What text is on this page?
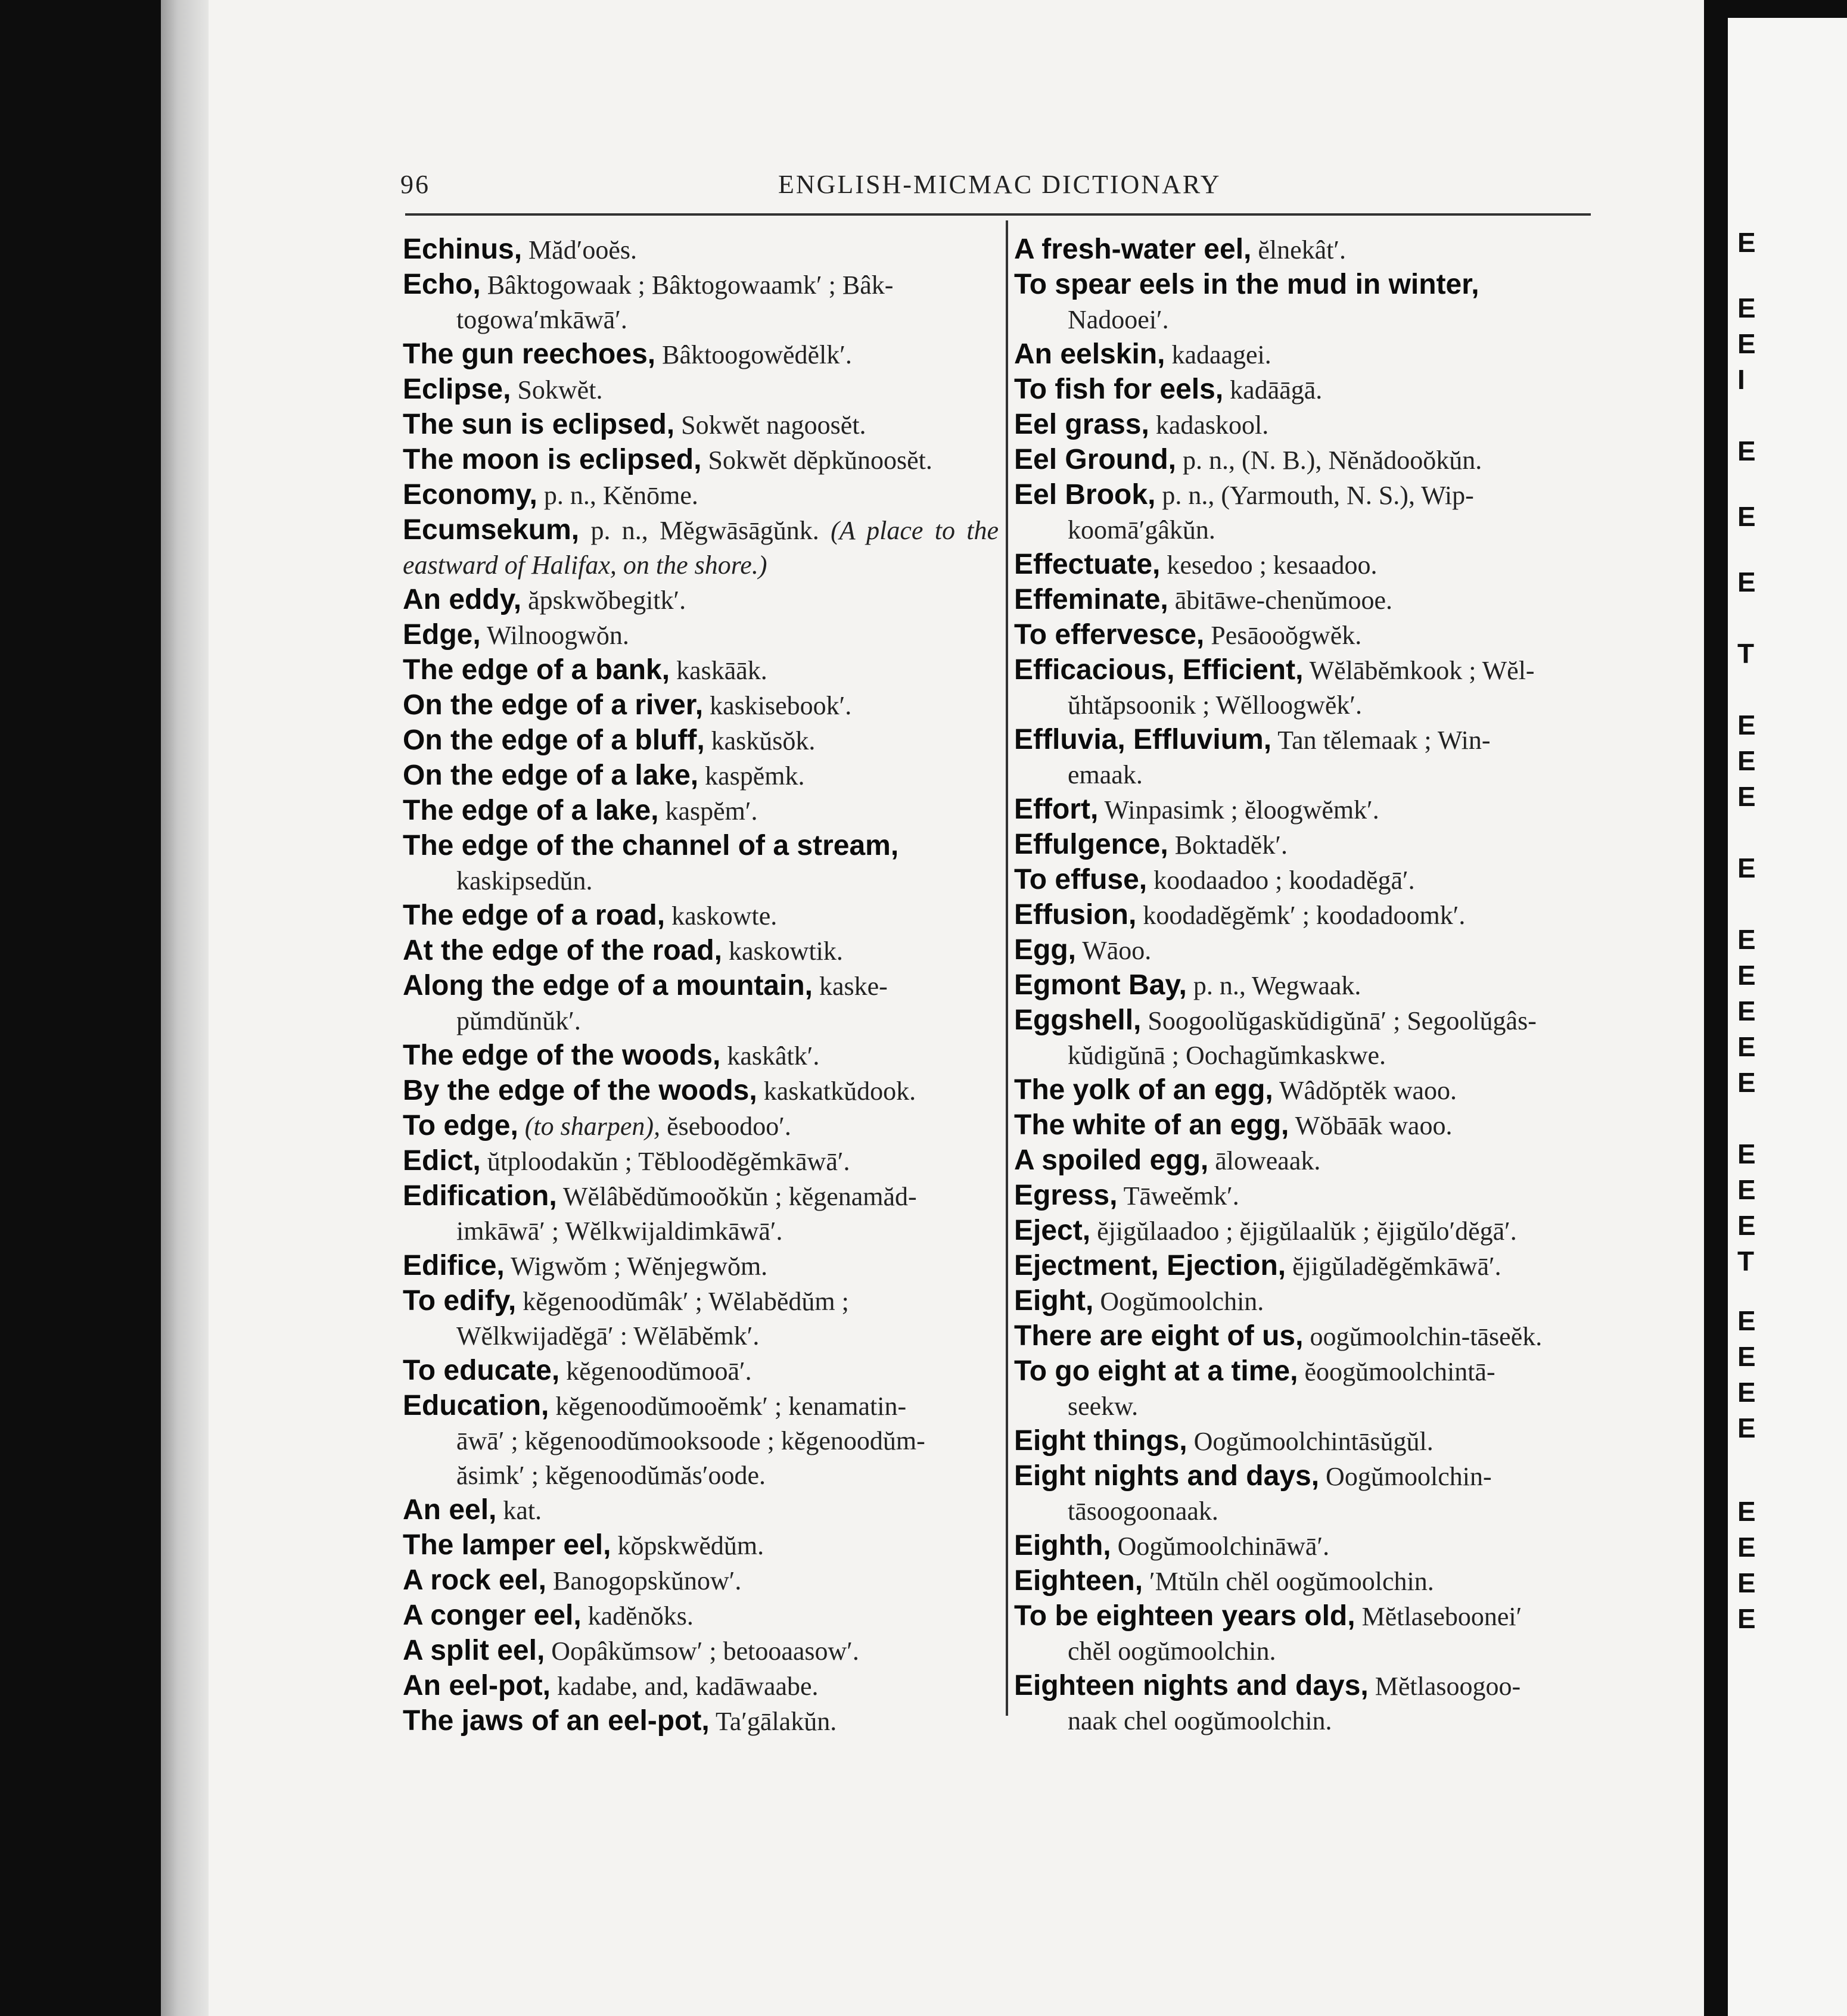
96	ENGLISH-MICMAC DICTIONARY
Echinus, Mădʹooĕs.
Echo, Bâktogowaak ; Bâktogowaamkʹ ; Bâk-
togowaʹmkāwāʹ.
The gun reechoes, Bâktoogowĕdĕlkʹ.
Eclipse, Sokwĕt.
The sun is eclipsed, Sokwĕt nagoosĕt.
The moon is eclipsed, Sokwĕt dĕpkŭnoosĕt.
Economy, p. n., Kĕnōme.
Ecumsekum, p. n., Mĕgwāsāgŭnk. (A place to the eastward of Halifax, on the shore.)
An eddy, ăpskwŏbegitkʹ.
Edge, Wilnoogwŏn.
The edge of a bank, kaskāāk.
On the edge of a river, kaskisebookʹ.
On the edge of a bluff, kaskŭsŏk.
On the edge of a lake, kaspĕmk.
The edge of a lake, kaspĕmʹ.
The edge of the channel of a stream,
kaskipsedŭn.
The edge of a road, kaskowte.
At the edge of the road, kaskowtik.
Along the edge of a mountain, kaske-
pŭmdŭnŭkʹ.
The edge of the woods, kaskâtkʹ.
By the edge of the woods, kaskatkŭdook.
To edge, (to sharpen), ĕseboodooʹ.
Edict, ŭtploodakŭn ; Tĕbloodĕgĕmkāwāʹ.
Edification, Wĕlâbĕdŭmooŏkŭn ; kĕgenamăd-
imkāwāʹ ; Wĕlkwijaldimkāwāʹ.
Edifice, Wigwŏm ; Wĕnjegwŏm.
To edify, kĕgenoodŭmâkʹ ; Wĕlabĕdŭm ;
Wĕlkwijadĕgāʹ : Wĕlābĕmkʹ.
To educate, kĕgenoodŭmooāʹ.
Education, kĕgenoodŭmooĕmkʹ ; kenamatin-
āwāʹ ; kĕgenoodŭmooksoode ; kĕgenoodŭm-
ăsimkʹ ; kĕgenoodŭmăsʹoode.
An eel, kat.
The lamper eel, kŏpskwĕdŭm.
A rock eel, Banogopskŭnowʹ.
A conger eel, kadĕnŏks.
A split eel, Oopâkŭmsowʹ ; betooaasowʹ.
An eel-pot, kadabe, and, kadāwaabe.
The jaws of an eel-pot, Taʹgālakŭn.
A fresh-water eel, ĕlnekâtʹ.
To spear eels in the mud in winter,
Nadooeiʹ.
An eelskin, kadaagei.
To fish for eels, kadāāgā.
Eel grass, kadaskool.
Eel Ground, p. n., (N. B.), Nĕnădooŏkŭn.
Eel Brook, p. n., (Yarmouth, N. S.), Wip-
koomāʹgâkŭn.
Effectuate, kesedoo ; kesaadoo.
Effeminate, ābitāwe-chenŭmooe.
To effervesce, Pesāooŏgwĕk.
Efficacious, Efficient, Wĕlābĕmkook ; Wĕl-
ŭhtăpsoonik ; Wĕlloogwĕkʹ.
Effluvia, Effluvium, Tan tĕlemaak ; Win-
emaak.
Effort, Winpasimk ; ĕloogwĕmkʹ.
Effulgence, Boktadĕkʹ.
To effuse, koodaadoo ; koodadĕgāʹ.
Effusion, koodadĕgĕmkʹ ; koodadoomkʹ.
Egg, Wāoo.
Egmont Bay, p. n., Wegwaak.
Eggshell, Soogoolŭgaskŭdigŭnāʹ ; Segoolŭgâs-
kŭdigŭnā ; Oochagŭmkaskwe.
The yolk of an egg, Wâdŏptĕk waoo.
The white of an egg, Wŏbāāk waoo.
A spoiled egg, āloweaak.
Egress, Tāweĕmkʹ.
Eject, ĕjigŭlaadoo ; ĕjigŭlaalŭk ; ĕjigŭloʹdĕgāʹ.
Ejectment, Ejection, ĕjigŭladĕgĕmkāwāʹ.
Eight, Oogŭmoolchin.
There are eight of us, oogŭmoolchin-tāseĕk.
To go eight at a time, ĕoogŭmoolchintā-
seekw.
Eight things, Oogŭmoolchintāsŭgŭl.
Eight nights and days, Oogŭmoolchin-
tāsoogoonaak.
Eighth, Oogŭmoolchināwāʹ.
Eighteen, ʹMtŭln chĕl oogŭmoolchin.
To be eighteen years old, Mĕtlasebooneiʹ
chĕl oogŭmoolchin.
Eighteen nights and days, Mĕtlasoogoo-
naak chel oogŭmoolchin.
E
E
E
I
E
E
E
T
E
E
E
E
E
E
E
E
E
E
E
E
T
E
E
E
E
E
E
E
E
